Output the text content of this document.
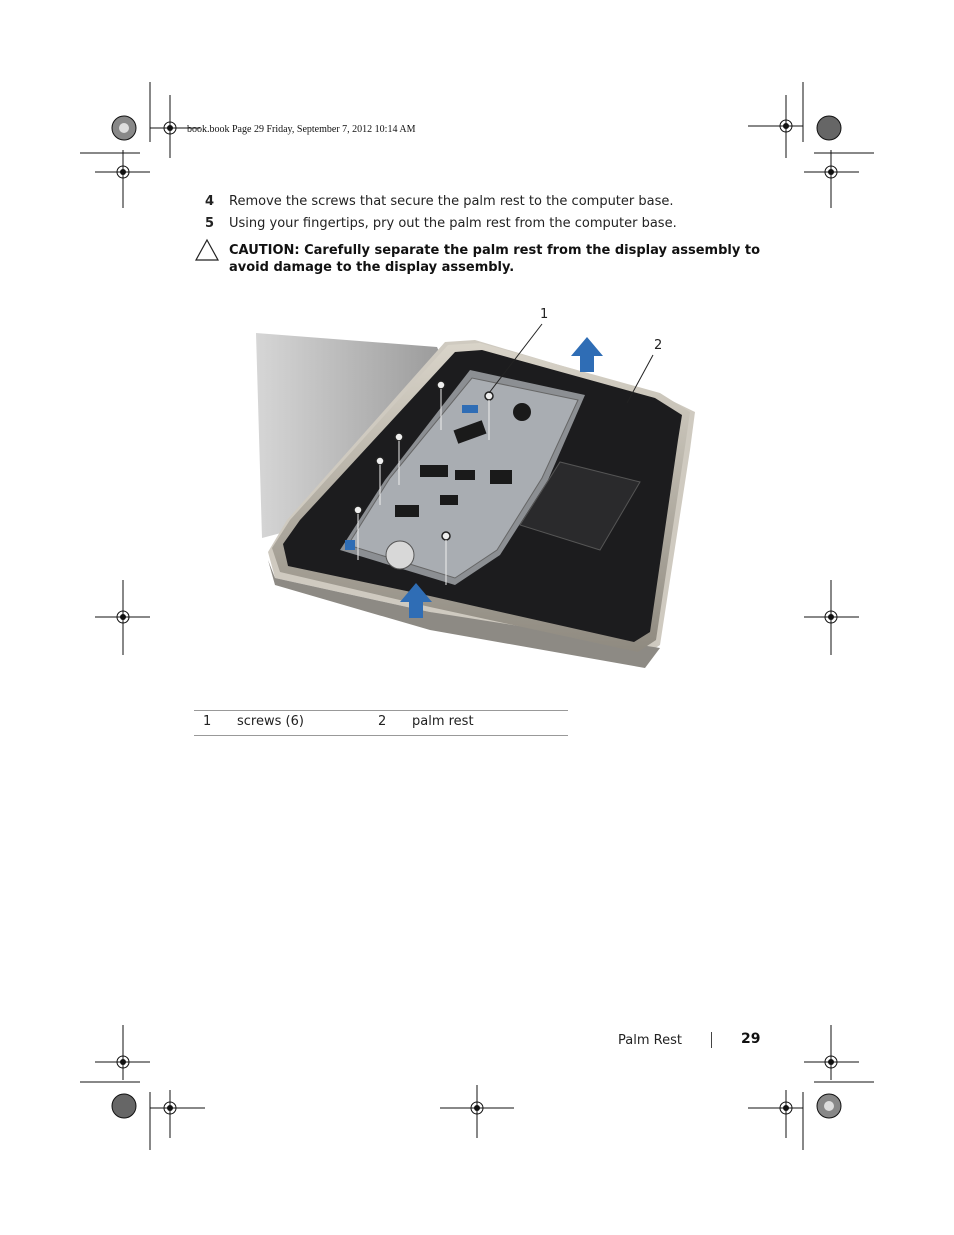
book.book Page 29 Friday, September 7, 2012 10:14 AM
4 Remove the screws that secure the palm rest to the computer base.
5 Using your fingertips, pry out the palm rest from the computer base.
CAUTION: Carefully separate the palm rest from the display assembly to avoid damage to the display assembly.
1
2
1 screws (6)	2 palm rest
Palm Rest	29
